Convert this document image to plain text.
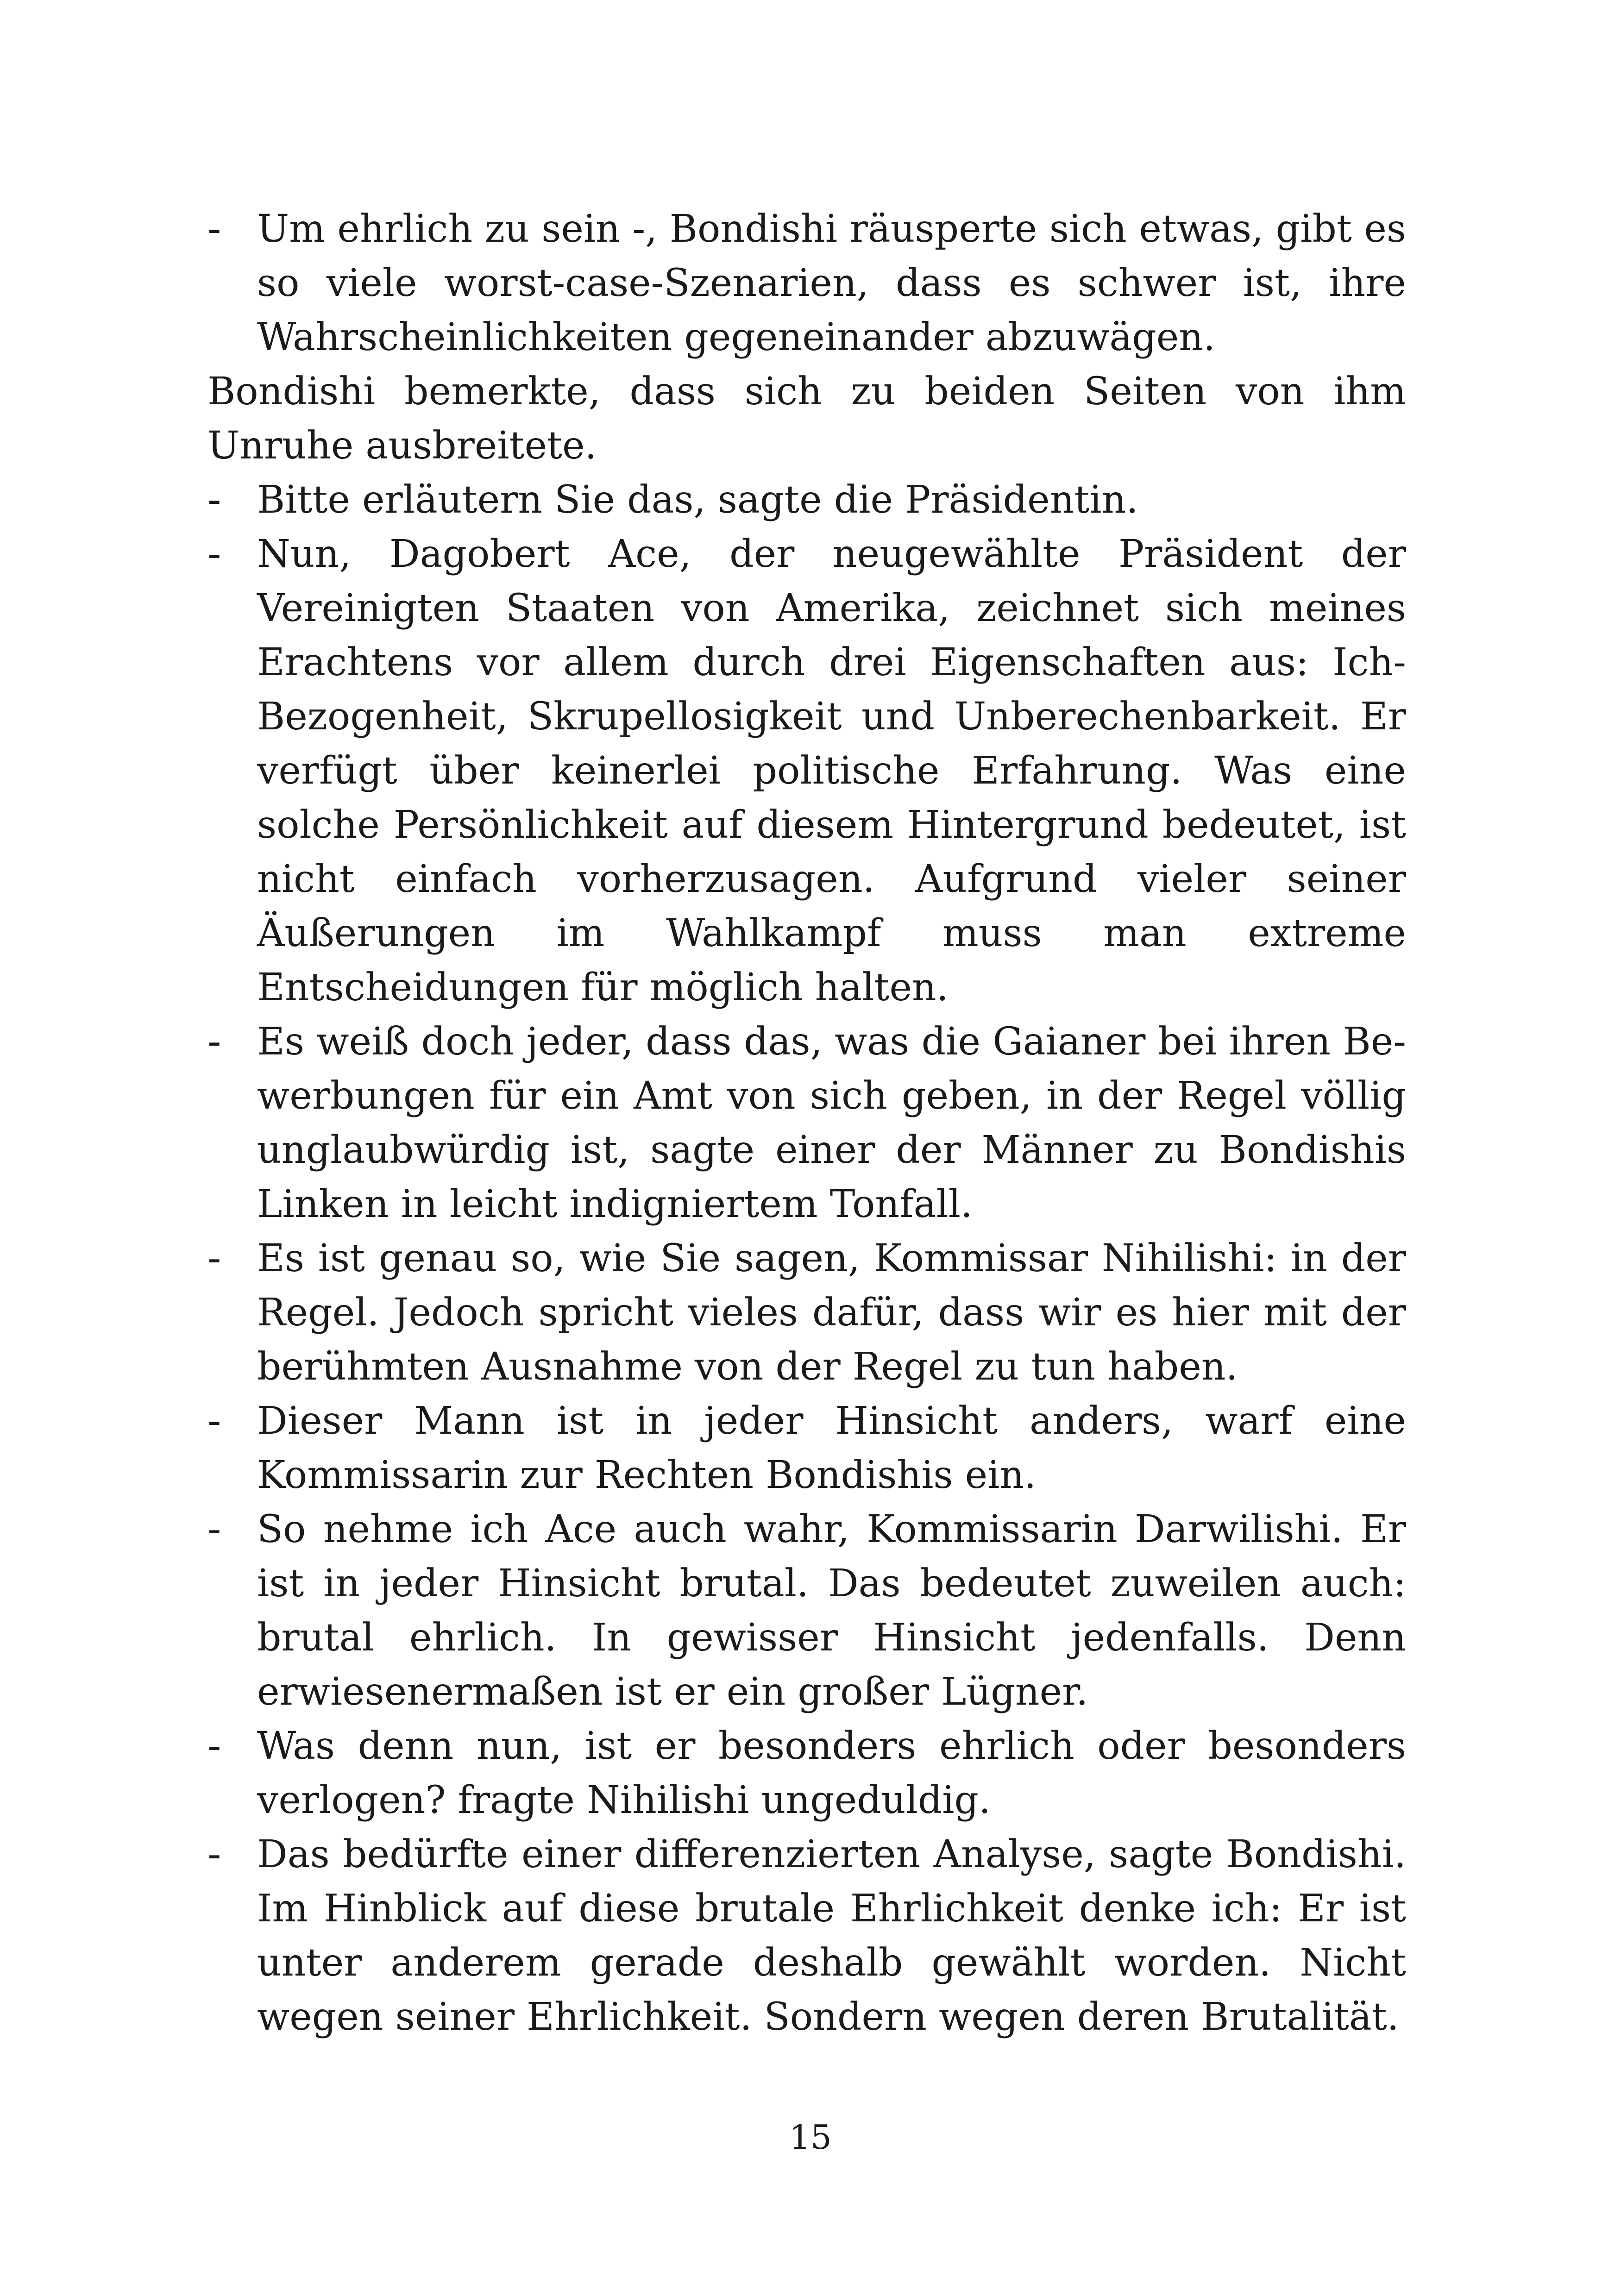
- Um ehrlich zu sein -, Bondishi räusperte sich etwas, gibt es so viele worst-case-Szenarien, dass es schwer ist, ihre Wahrscheinlichkeiten gegeneinander abzuwägen.

Bondishi bemerkte, dass sich zu beiden Seiten von ihm Unruhe ausbreitete.

- Bitte erläutern Sie das, sagte die Präsidentin.

- Nun, Dagobert Ace, der neugewählte Präsident der Vereinigten Staaten von Amerika, zeichnet sich meines Erachtens vor allem durch drei Eigenschaften aus: Ich-Bezogenheit, Skrupellosigkeit und Unberechenbarkeit. Er verfügt über keinerlei politische Erfahrung. Was eine solche Persönlichkeit auf diesem Hintergrund bedeutet, ist nicht einfach vorherzusagen. Aufgrund vieler seiner Äußerungen im Wahlkampf muss man extreme Entscheidungen für möglich halten.

- Es weiß doch jeder, dass das, was die Gaianer bei ihren Bewerbungen für ein Amt von sich geben, in der Regel völlig unglaubwürdig ist, sagte einer der Männer zu Bondishis Linken in leicht indigniertem Tonfall.

- Es ist genau so, wie Sie sagen, Kommissar Nihilishi: in der Regel. Jedoch spricht vieles dafür, dass wir es hier mit der berühmten Ausnahme von der Regel zu tun haben.

- Dieser Mann ist in jeder Hinsicht anders, warf eine Kommissarin zur Rechten Bondishis ein.

- So nehme ich Ace auch wahr, Kommissarin Darwilishi. Er ist in jeder Hinsicht brutal. Das bedeutet zuweilen auch: brutal ehrlich. In gewisser Hinsicht jedenfalls. Denn erwiesenermaßen ist er ein großer Lügner.

- Was denn nun, ist er besonders ehrlich oder besonders verlogen? fragte Nihilishi ungeduldig.

- Das bedürfte einer differenzierten Analyse, sagte Bondishi. Im Hinblick auf diese brutale Ehrlichkeit denke ich: Er ist unter anderem gerade deshalb gewählt worden. Nicht wegen seiner Ehrlichkeit. Sondern wegen deren Brutalität.

15
